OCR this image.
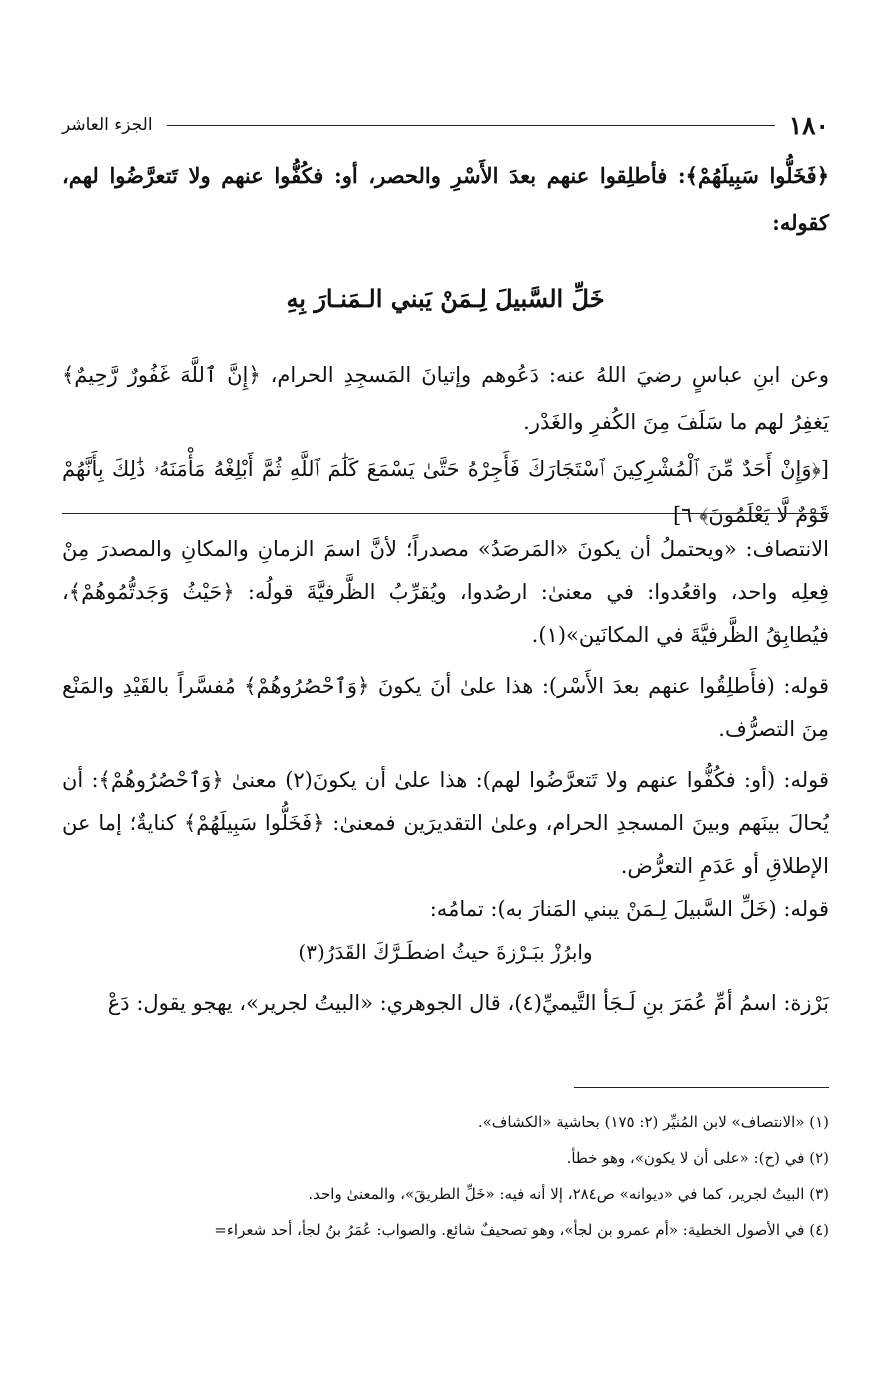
١٨٠
الجزء العاشر

﴿فَخَلُّوا سَبِيلَهُمْ﴾: فأطلِقوا عنهم بعدَ الأَسْرِ والحصر، أو: فكُفُّوا عنهم ولا تَتعرَّضُوا لهم، كقوله:

خَلِّ السَّبيلَ لِـمَنْ يَبني الـمَنـارَ بِهِ

وعن ابنِ عباسٍ رضيَ اللهُ عنه: دَعُوهم وإتيانَ المَسجِدِ الحرام، ﴿إِنَّ ٱللَّهَ غَفُورٌ رَّحِيمٌ﴾ يَغفِرُ لهم ما سَلَفَ مِنَ الكُفرِ والغَدْر.

[﴿وَإِنْ أَحَدٌ مِّنَ ٱلْمُشْرِكِينَ ٱسْتَجَارَكَ فَأَجِرْهُ حَتَّىٰ يَسْمَعَ كَلَٰمَ ٱللَّهِ ثُمَّ أَبْلِغْهُ مَأْمَنَهُۥ ذَٰلِكَ بِأَنَّهُمْ قَوْمٌ لَّا يَعْلَمُونَ﴾ ٦]

الانتصاف: «ويحتملُ أن يكونَ «المَرصَدُ» مصدراً؛ لأنَّ اسمَ الزمانِ والمكانِ والمصدرَ مِنْ فِعلِه واحد، واقعُدوا: في معنىٰ: ارصُدوا، ويُقرِّبُ الظَّرفيَّةَ قولُه: ﴿حَيْثُ وَجَدتُّمُوهُمْ﴾، فيُطابِقُ الظَّرفيَّةَ في المكانَين»(١).

قوله: (فأَطلِقُوا عنهم بعدَ الأَسْر): هذا علىٰ أنَ يكونَ ﴿وَٱحْصُرُوهُمْ﴾ مُفسَّراً بالقَيْدِ والمَنْع مِنَ التصرُّف.

قوله: (أو: فكُفُّوا عنهم ولا تَتعرَّضُوا لهم): هذا علىٰ أن يكونَ(٢) معنىٰ ﴿وَٱحْصُرُوهُمْ﴾: أن يُحالَ بينَهم وبينَ المسجدِ الحرام، وعلىٰ التقديرَين فمعنىٰ: ﴿فَخَلُّوا سَبِيلَهُمْ﴾ كنايةٌ؛ إما عن الإطلاقِ أو عَدَمِ التعرُّض.

قوله: (خَلِّ السَّبيلَ لِـمَنْ يبني المَنارَ به): تمامُه:

وابرُزْ ببَـرْزةَ حيثُ اضطَـرَّكَ القَدَرُ(٣)

بَرْزة: اسمُ أمِّ عُمَرَ بنِ لَـجَأ التَّيميِّ(٤)، قال الجوهري: «البيتُ لجرير»، يهجو يقول: دَعْ

(١) «الانتصاف» لابن المُنيِّر (٢: ١٧٥) بحاشية «الكشاف».

(٢) في (ح): «على أن لا يكون»، وهو خطأ.

(٣) البيتُ لجرير، كما في «ديوانه» ص٢٨٤، إلا أنه فيه: «خَلِّ الطريقَ»، والمعنىٰ واحد.

(٤) في الأصول الخطية: «أم عمرو بن لجأ»، وهو تصحيفٌ شائع. والصواب: عُمَرُ بنُ لجأ، أحد شعراء=
